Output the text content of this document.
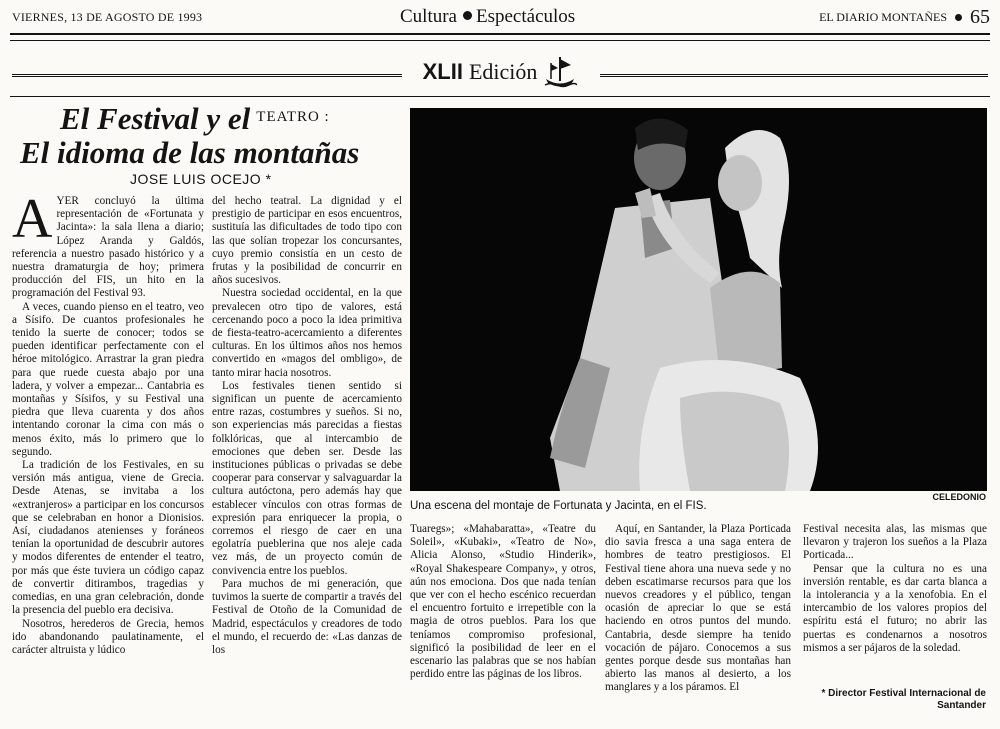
VIERNES, 13 DE AGOSTO DE 1993	Cultura Espectáculos	EL DIARIO MONTAÑES 65
XLII Edición
El Festival y el $^{TEATRO :}$
El idioma de las montañas
JOSE LUIS OCEJO *

AYER concluyó la última representación de «Fortunata y Jacinta»: la sala llena a diario; López Aranda y Galdós, referencia a nuestro pasado histórico y a nuestra dramaturgia de hoy; primera producción del FIS, un hito en la programación del Festival 93.

A veces, cuando pienso en el teatro, veo a Sísifo. De cuantos profesionales he tenido la suerte de conocer; todos se pueden identificar perfectamente con el héroe mitológico. Arrastrar la gran piedra para que ruede cuesta abajo por una ladera, y volver a empezar... Cantabria es montañas y Sísifos, y su Festival una piedra que lleva cuarenta y dos años intentando coronar la cima con más o menos éxito, más lo primero que lo segundo.

La tradición de los Festivales, en su versión más antigua, viene de Grecia. Desde Atenas, se invitaba a los «extranjeros» a participar en los concursos que se celebraban en honor a Dionisios. Así, ciudadanos atenienses y foráneos tenían la oportunidad de descubrir autores y modos diferentes de entender el teatro, por más que éste tuviera un código capaz de convertir ditirambos, tragedias y comedias, en una gran celebración, donde la presencia del pueblo era decisiva.

Nosotros, herederos de Grecia, hemos ido abandonando paulatinamente, el carácter altruista y lúdico

del hecho teatral. La dignidad y el prestigio de participar en esos encuentros, sustituía las dificultades de todo tipo con las que solían tropezar los concursantes, cuyo premio consistía en un cesto de frutas y la posibilidad de concurrir en años sucesivos.

Nuestra sociedad occidental, en la que prevalecen otro tipo de valores, está cercenando poco a poco la idea primitiva de fiesta-teatro-acercamiento a diferentes culturas. En los últimos años nos hemos convertido en «magos del ombligo», de tanto mirar hacia nosotros.

Los festivales tienen sentido si significan un puente de acercamiento entre razas, costumbres y sueños. Si no, son experiencias más parecidas a fiestas folklóricas, que al intercambio de emociones que deben ser. Desde las instituciones públicas o privadas se debe cooperar para conservar y salvaguardar la cultura autóctona, pero además hay que establecer vínculos con otras formas de expresión para enriquecer la propia, o corremos el riesgo de caer en una egolatría pueblerina que nos aleje cada vez más, de un proyecto común de convivencia entre los pueblos.

Para muchos de mi generación, que tuvimos la suerte de compartir a través del Festival de Otoño de la Comunidad de Madrid, espectáculos y creadores de todo el mundo, el recuerdo de: «Las danzas de los

CELEDONIO
Una escena del montaje de Fortunata y Jacinta, en el FIS.

Tuaregs»; «Mahabaratta», «Teatre du Soleil», «Kubaki», «Teatro de No», Alicia Alonso, «Studio Hinderik», «Royal Shakespeare Company», y otros, aún nos emociona. Dos que nada tenían que ver con el hecho escénico recuerdan el encuentro fortuito e irrepetible con la magia de otros pueblos. Para los que teníamos compromiso profesional, significó la posibilidad de leer en el escenario las palabras que se nos habían perdido entre las páginas de los libros.

Aquí, en Santander, la Plaza Porticada dio savia fresca a una saga entera de hombres de teatro prestigiosos. El Festival tiene ahora una nueva sede y no deben escatimarse recursos para que los nuevos creadores y el público, tengan ocasión de apreciar lo que se está haciendo en otros puntos del mundo. Cantabria, desde siempre ha tenido vocación de pájaro. Conocemos a sus gentes porque desde sus montañas han abierto las manos al desierto, a los manglares y a los páramos. El

Festival necesita alas, las mismas que llevaron y trajeron los sueños a la Plaza Porticada...

Pensar que la cultura no es una inversión rentable, es dar carta blanca a la intolerancia y a la xenofobia. En el intercambio de los valores propios del espíritu está el futuro; no abrir las puertas es condenarnos a nosotros mismos a ser pájaros de la soledad.

* Director Festival Internacional de Santander
